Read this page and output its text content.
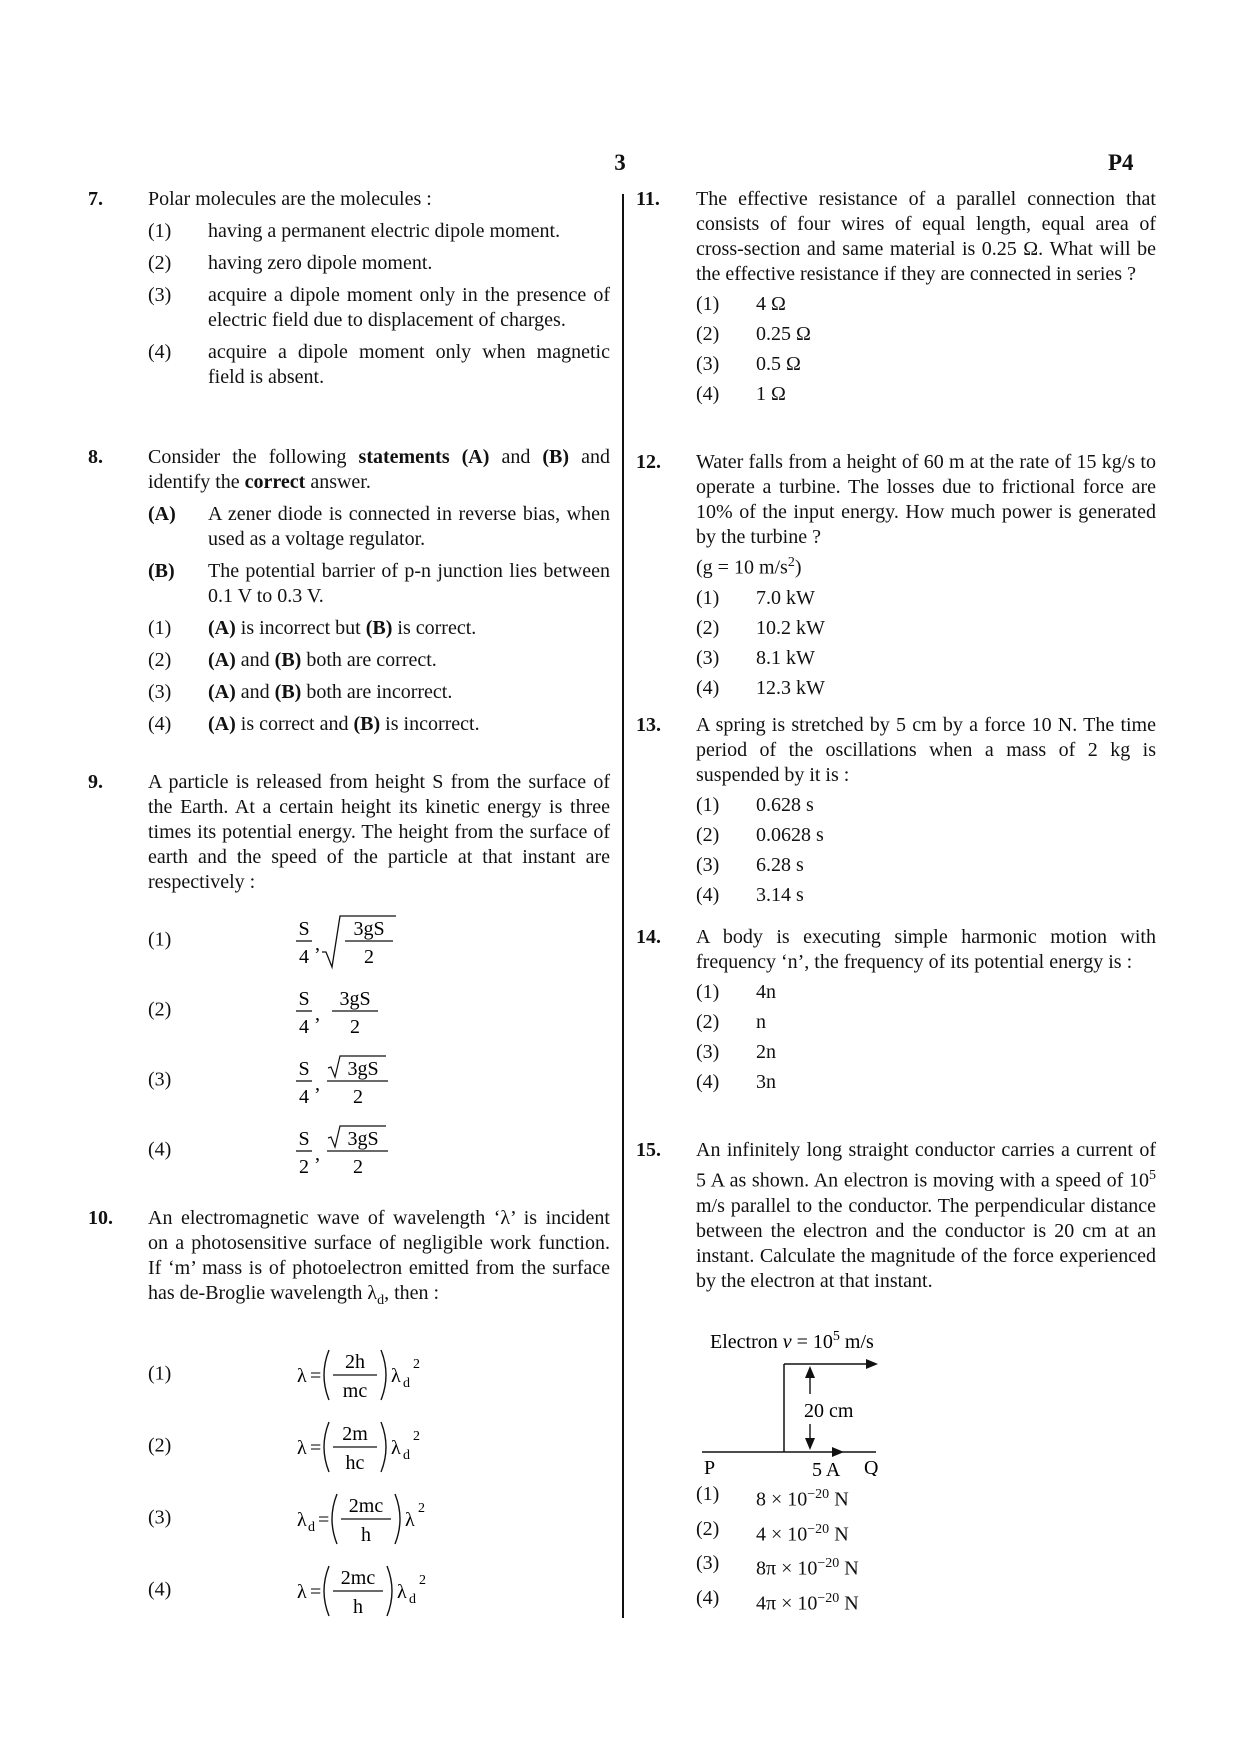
3	P4
7. Polar molecules are the molecules :
(1) having a permanent electric dipole moment.
(2) having zero dipole moment.
(3) acquire a dipole moment only in the presence of electric field due to displacement of charges.
(4) acquire a dipole moment only when magnetic field is absent.
8. Consider the following statements (A) and (B) and identify the correct answer.
(A) A zener diode is connected in reverse bias, when used as a voltage regulator.
(B) The potential barrier of p-n junction lies between 0.1 V to 0.3 V.
(1) (A) is incorrect but (B) is correct.
(2) (A) and (B) both are correct.
(3) (A) and (B) both are incorrect.
(4) (A) is correct and (B) is incorrect.
9. A particle is released from height S from the surface of the Earth. At a certain height its kinetic energy is three times its potential energy. The height from the surface of earth and the speed of the particle at that instant are respectively :
(1)	S
4
,
3gS
2
(2)	S
4
,
3gS
2
(3)	S
4
,
3gS
2
(4)	S
2
,
3gS
2
10. An electromagnetic wave of wavelength ‘λ’ is incident on a photosensitive surface of negligible work function. If ‘m’ mass is of photoelectron emitted from the surface has de-Broglie wavelength $\lambda_d$, then :
(1)	λ =
2h
mc
λ d
2
(2)	λ =
2m
hc
λ d
2
(3)	λ d =
2mc
h
λ
2
(4)	λ =
2mc
h
λ d
2
11. The effective resistance of a parallel connection that consists of four wires of equal length, equal area of cross-section and same material is 0.25 Ω. What will be the effective resistance if they are connected in series ?
(1) 4 Ω
(2) 0.25 Ω
(3) 0.5 Ω
(4) 1 Ω
12. Water falls from a height of 60 m at the rate of 15 kg/s to operate a turbine. The losses due to frictional force are 10% of the input energy. How much power is generated by the turbine ?
(g = 10 $m/s^2$)
(1) 7.0 kW
(2) 10.2 kW
(3) 8.1 kW
(4) 12.3 kW
13. A spring is stretched by 5 cm by a force 10 N. The time period of the oscillations when a mass of 2 kg is suspended by it is :
(1) 0.628 s
(2) 0.0628 s
(3) 6.28 s
(4) 3.14 s
14. A body is executing simple harmonic motion with frequency ‘n’, the frequency of its potential energy is :
(1) 4n
(2) n
(3) 2n
(4) 3n
15. An infinitely long straight conductor carries a current of 5 A as shown. An electron is moving with a speed of $10^5$ m/s parallel to the conductor. The perpendicular distance between the electron and the conductor is 20 cm at an instant. Calculate the magnitude of the force experienced by the electron at that instant.
Electron $v = 10^5$ m/s
20 cm
P	5 A Q
(1) $8 \times 10^{-20}$ N
(2) $4 \times 10^{-20}$ N
(3) $8\pi \times 10^{-20}$ N
(4) $4\pi \times 10^{-20}$ N
